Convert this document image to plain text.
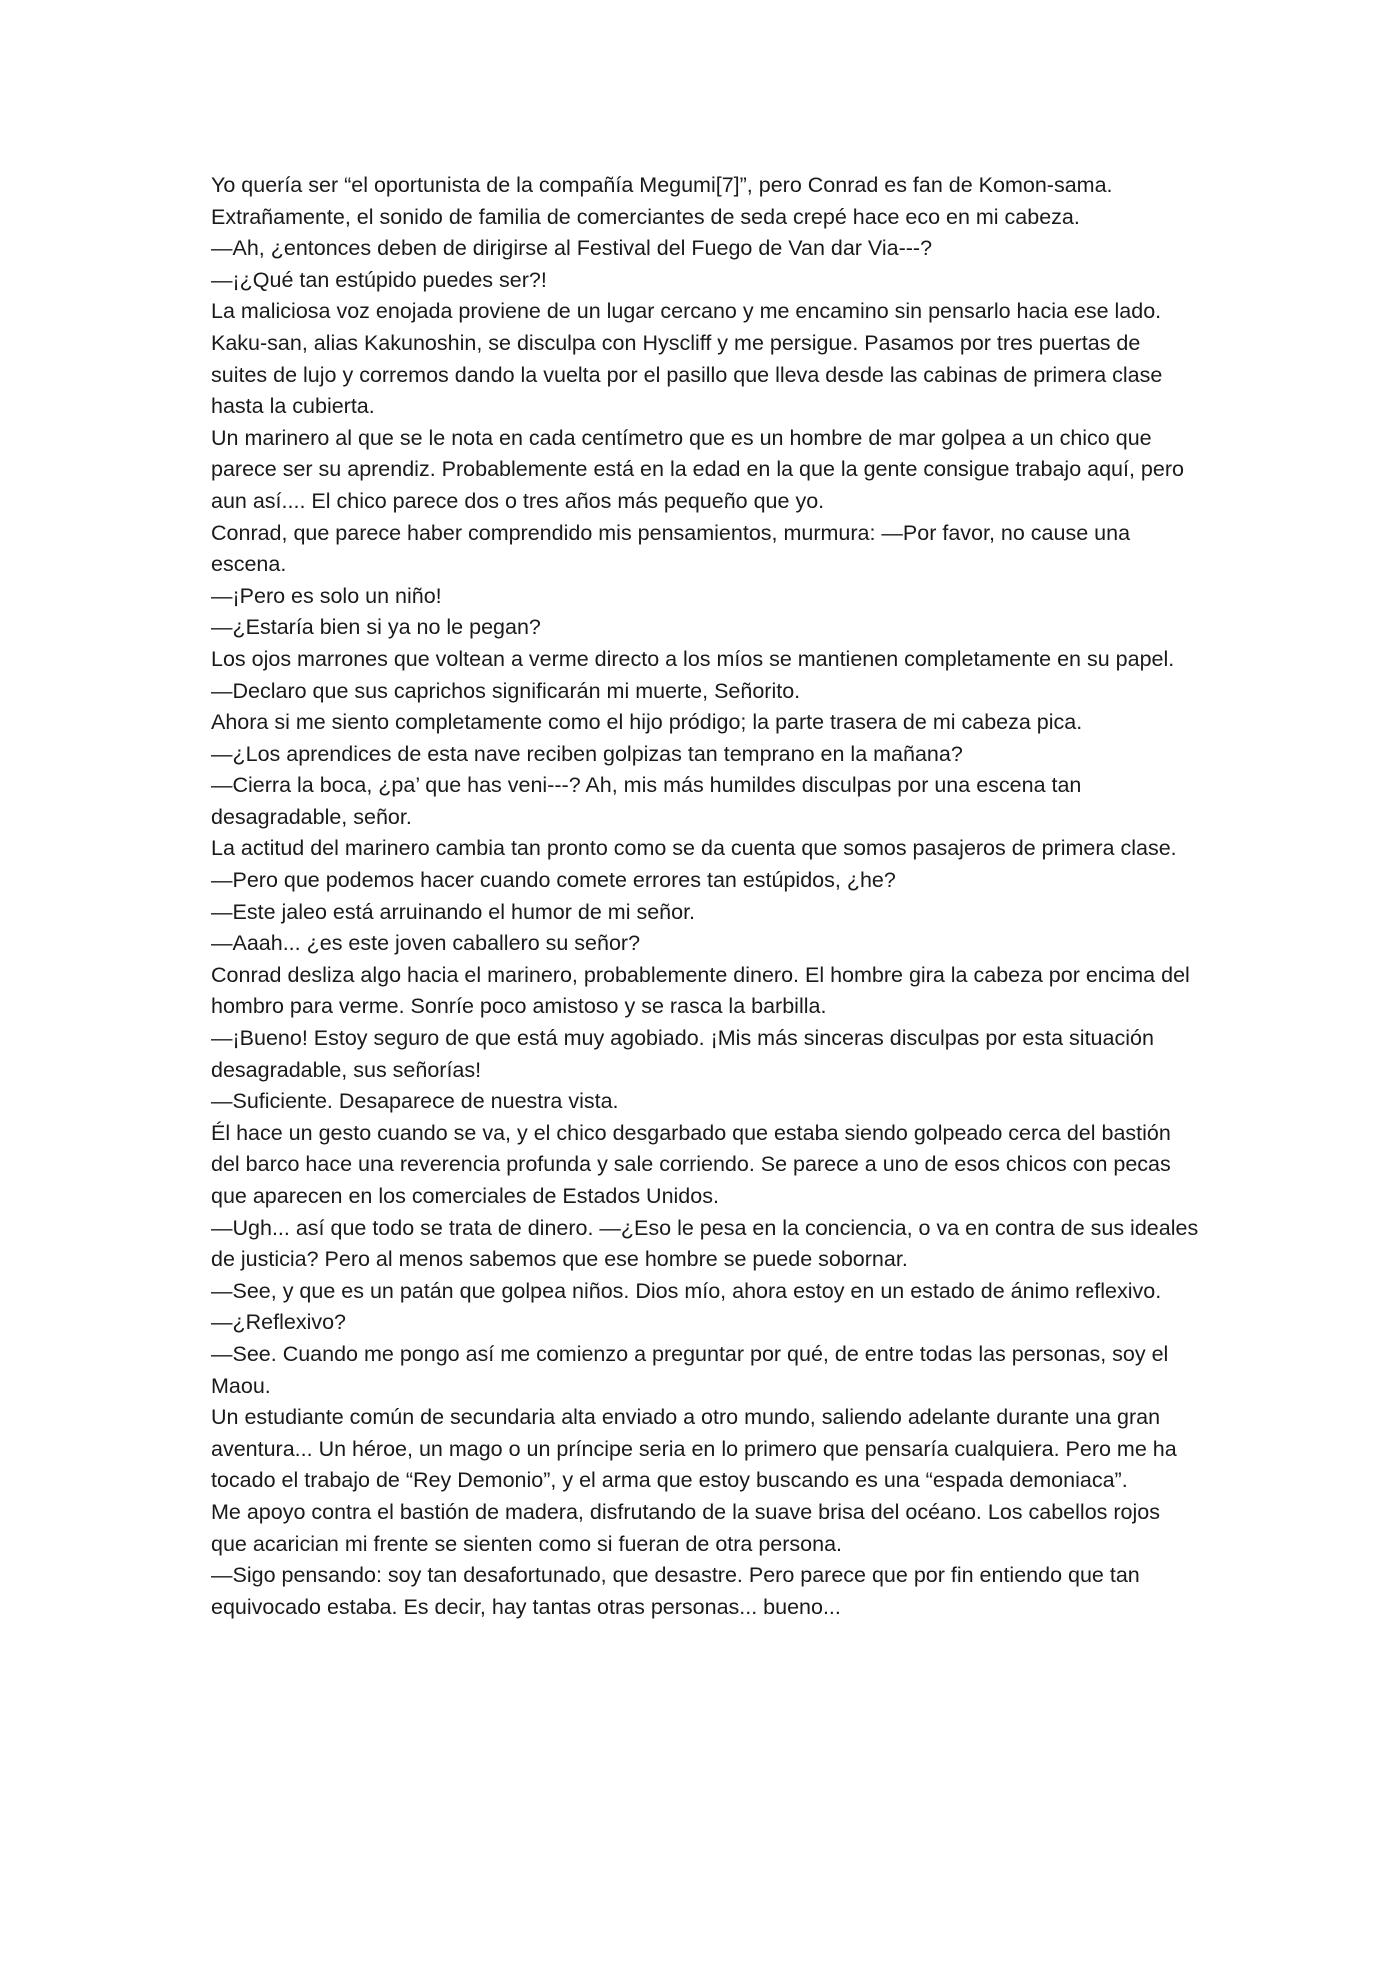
Yo quería ser “el oportunista de la compañía Megumi[7]”, pero Conrad es fan de Komon-sama. Extrañamente, el sonido de familia de comerciantes de seda crepé hace eco en mi cabeza.

—Ah, ¿entonces deben de dirigirse al Festival del Fuego de Van dar Via---?

—¡¿Qué tan estúpido puedes ser?!

La maliciosa voz enojada proviene de un lugar cercano y me encamino sin pensarlo hacia ese lado. Kaku-san, alias Kakunoshin, se disculpa con Hyscliff y me persigue. Pasamos por tres puertas de suites de lujo y corremos dando la vuelta por el pasillo que lleva desde las cabinas de primera clase hasta la cubierta.

Un marinero al que se le nota en cada centímetro que es un hombre de mar golpea a un chico que parece ser su aprendiz. Probablemente está en la edad en la que la gente consigue trabajo aquí, pero aun así.... El chico parece dos o tres años más pequeño que yo.

Conrad, que parece haber comprendido mis pensamientos, murmura: —Por favor, no cause una escena.

—¡Pero es solo un niño!

—¿Estaría bien si ya no le pegan?

Los ojos marrones que voltean a verme directo a los míos se mantienen completamente en su papel.

—Declaro que sus caprichos significarán mi muerte, Señorito.

Ahora si me siento completamente como el hijo pródigo; la parte trasera de mi cabeza pica.

—¿Los aprendices de esta nave reciben golpizas tan temprano en la mañana?

—Cierra la boca, ¿pa’ que has veni---? Ah, mis más humildes disculpas por una escena tan desagradable, señor.

La actitud del marinero cambia tan pronto como se da cuenta que somos pasajeros de primera clase.

—Pero que podemos hacer cuando comete errores tan estúpidos, ¿he?

—Este jaleo está arruinando el humor de mi señor.

—Aaah... ¿es este joven caballero su señor?

Conrad desliza algo hacia el marinero, probablemente dinero. El hombre gira la cabeza por encima del hombro para verme. Sonríe poco amistoso y se rasca la barbilla.

—¡Bueno! Estoy seguro de que está muy agobiado. ¡Mis más sinceras disculpas por esta situación desagradable, sus señorías!

—Suficiente. Desaparece de nuestra vista.

Él hace un gesto cuando se va, y el chico desgarbado que estaba siendo golpeado cerca del bastión del barco hace una reverencia profunda y sale corriendo. Se parece a uno de esos chicos con pecas que aparecen en los comerciales de Estados Unidos.

—Ugh... así que todo se trata de dinero. —¿Eso le pesa en la conciencia, o va en contra de sus ideales de justicia? Pero al menos sabemos que ese hombre se puede sobornar.

—See, y que es un patán que golpea niños. Dios mío, ahora estoy en un estado de ánimo reflexivo.

—¿Reflexivo?

—See. Cuando me pongo así me comienzo a preguntar por qué, de entre todas las personas, soy el Maou.

Un estudiante común de secundaria alta enviado a otro mundo, saliendo adelante durante una gran aventura... Un héroe, un mago o un príncipe seria en lo primero que pensaría cualquiera. Pero me ha tocado el trabajo de “Rey Demonio”, y el arma que estoy buscando es una “espada demoniaca”.

Me apoyo contra el bastión de madera, disfrutando de la suave brisa del océano. Los cabellos rojos que acarician mi frente se sienten como si fueran de otra persona.

—Sigo pensando: soy tan desafortunado, que desastre. Pero parece que por fin entiendo que tan equivocado estaba. Es decir, hay tantas otras personas... bueno...
